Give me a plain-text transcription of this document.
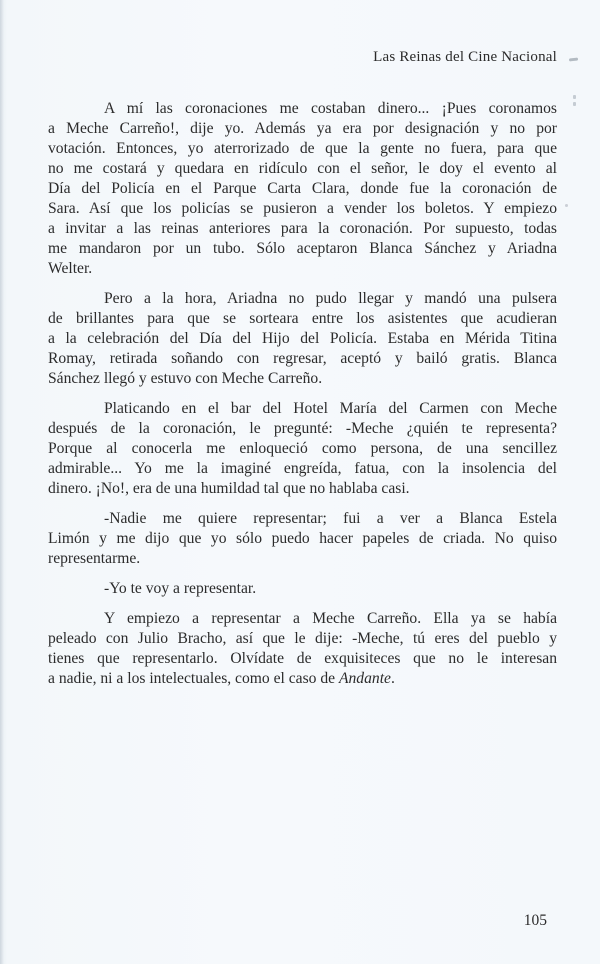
Las Reinas del Cine Nacional
A mí las coronaciones me costaban dinero... ¡Pues coronamos
a Meche Carreño!, dije yo. Además ya era por designación y no por
votación. Entonces, yo aterrorizado de que la gente no fuera, para que
no me costará y quedara en ridículo con el señor, le doy el evento al
Día del Policía en el Parque Carta Clara, donde fue la coronación de
Sara. Así que los policías se pusieron a vender los boletos. Y empiezo
a invitar a las reinas anteriores para la coronación. Por supuesto, todas
me mandaron por un tubo. Sólo aceptaron Blanca Sánchez y Ariadna
Welter.
Pero a la hora, Ariadna no pudo llegar y mandó una pulsera
de brillantes para que se sorteara entre los asistentes que acudieran
a la celebración del Día del Hijo del Policía. Estaba en Mérida Titina
Romay, retirada soñando con regresar, aceptó y bailó gratis. Blanca
Sánchez llegó y estuvo con Meche Carreño.
Platicando en el bar del Hotel María del Carmen con Meche
después de la coronación, le pregunté: -Meche ¿quién te representa?
Porque al conocerla me enloqueció como persona, de una sencillez
admirable... Yo me la imaginé engreída, fatua, con la insolencia del
dinero. ¡No!, era de una humildad tal que no hablaba casi.
-Nadie me quiere representar; fui a ver a Blanca Estela
Limón y me dijo que yo sólo puedo hacer papeles de criada. No quiso
representarme.
-Yo te voy a representar.
Y empiezo a representar a Meche Carreño. Ella ya se había
peleado con Julio Bracho, así que le dije: -Meche, tú eres del pueblo y
tienes que representarlo. Olvídate de exquisiteces que no le interesan
a nadie, ni a los intelectuales, como el caso de Andante.
105
